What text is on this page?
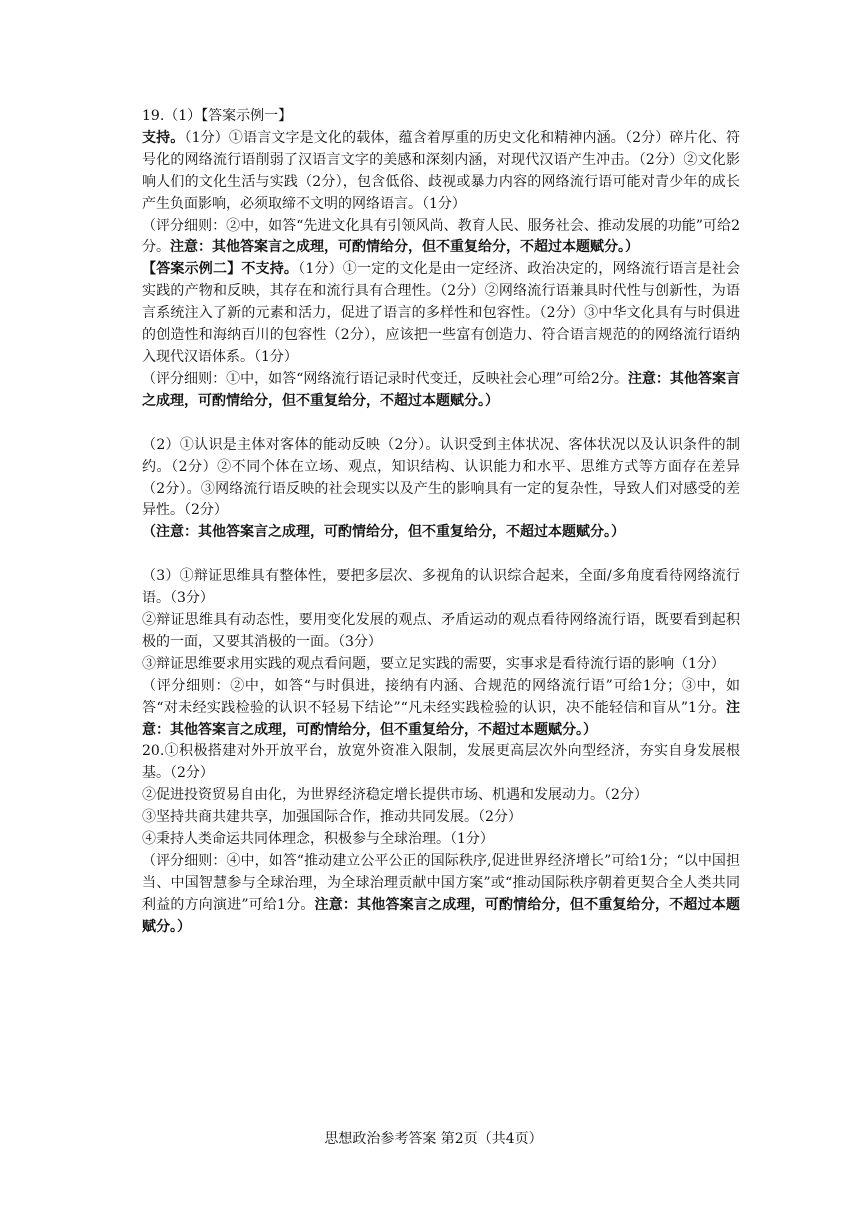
19.（1）【答案示例一】

支持。（1分）①语言文字是文化的载体，蕴含着厚重的历史文化和精神内涵。（2分）碎片化、符号化的网络流行语削弱了汉语言文字的美感和深刻内涵，对现代汉语产生冲击。（2分）②文化影响人们的文化生活与实践（2分），包含低俗、歧视或暴力内容的网络流行语可能对青少年的成长产生负面影响，必须取缔不文明的网络语言。（1分）

（评分细则：②中，如答“先进文化具有引领风尚、教育人民、服务社会、推动发展的功能”可给2分。注意：其他答案言之成理，可酌情给分，但不重复给分，不超过本题赋分。）

【答案示例二】不支持。（1分）①一定的文化是由一定经济、政治决定的，网络流行语言是社会实践的产物和反映，其存在和流行具有合理性。（2分）②网络流行语兼具时代性与创新性，为语言系统注入了新的元素和活力，促进了语言的多样性和包容性。（2分）③中华文化具有与时俱进的创造性和海纳百川的包容性（2分），应该把一些富有创造力、符合语言规范的的网络流行语纳入现代汉语体系。（1分）

（评分细则：①中，如答“网络流行语记录时代变迁，反映社会心理”可给2分。注意：其他答案言之成理，可酌情给分，但不重复给分，不超过本题赋分。）

（2）①认识是主体对客体的能动反映（2分）。认识受到主体状况、客体状况以及认识条件的制约。（2分）②不同个体在立场、观点，知识结构、认识能力和水平、思维方式等方面存在差异（2分）。③网络流行语反映的社会现实以及产生的影响具有一定的复杂性，导致人们对感受的差异性。（2分）

（注意：其他答案言之成理，可酌情给分，但不重复给分，不超过本题赋分。）

（3）①辩证思维具有整体性，要把多层次、多视角的认识综合起来，全面/多角度看待网络流行语。（3分）

②辩证思维具有动态性，要用变化发展的观点、矛盾运动的观点看待网络流行语，既要看到起积极的一面，又要其消极的一面。（3分）

③辩证思维要求用实践的观点看问题，要立足实践的需要，实事求是看待流行语的影响（1分）

（评分细则：②中，如答“与时俱进，接纳有内涵、合规范的网络流行语”可给1分；③中，如答“对未经实践检验的认识不轻易下结论”“凡未经实践检验的认识，决不能轻信和盲从”1分。注意：其他答案言之成理，可酌情给分，但不重复给分，不超过本题赋分。）

20.①积极搭建对外开放平台，放宽外资准入限制，发展更高层次外向型经济，夯实自身发展根基。（2分）

②促进投资贸易自由化，为世界经济稳定增长提供市场、机遇和发展动力。（2分）

③坚持共商共建共享，加强国际合作，推动共同发展。（2分）

④秉持人类命运共同体理念，积极参与全球治理。（1分）

（评分细则：④中，如答“推动建立公平公正的国际秩序,促进世界经济增长”可给1分；“以中国担当、中国智慧参与全球治理，为全球治理贡献中国方案”或“推动国际秩序朝着更契合全人类共同利益的方向演进”可给1分。注意：其他答案言之成理，可酌情给分，但不重复给分，不超过本题赋分。）

思想政治参考答案 第2页（共4页）
